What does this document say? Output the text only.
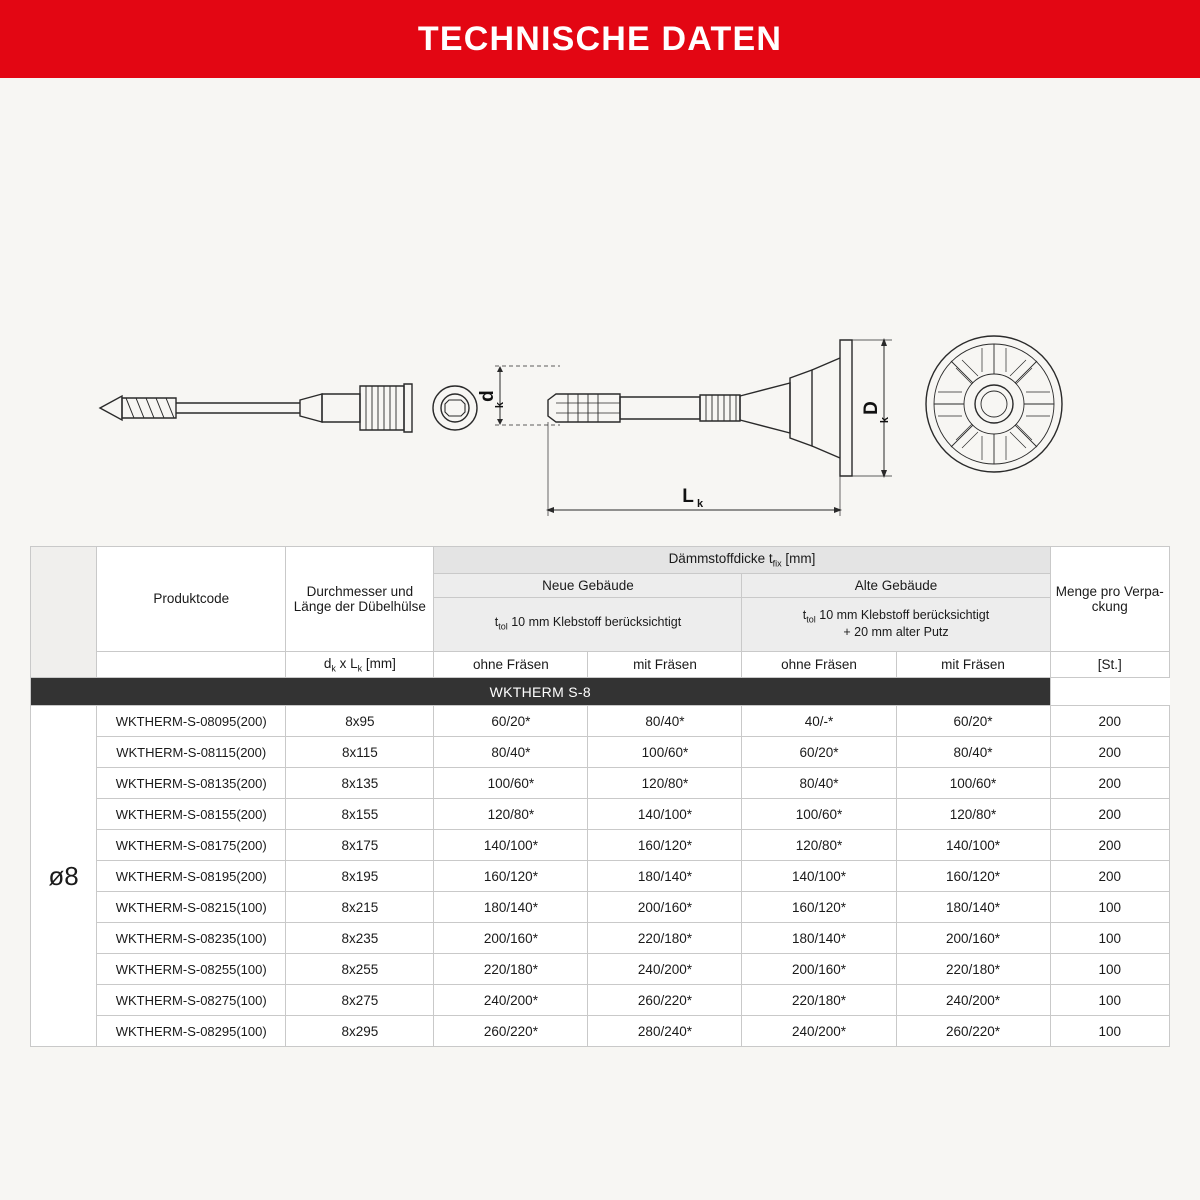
TECHNISCHE DATEN
d
k	D
k
L k
	Produktcode	Durchmesser und Länge der Dübelhülse	Dämmstoffdicke $t_{fix}$ [mm]				Menge pro Verpa-ckung
			Neue Gebäude		Alte Gebäude		
			$t_{tol}$ 10 mm Klebstoff berücksichtigt		$t_{tol}$ 10 mm Klebstoff berücksichtigt
+ 20 mm alter Putz		
		$d_k$ x $L_k$ [mm]	ohne Fräsen	mit Fräsen	ohne Fräsen	mit Fräsen	[St.]
WKTHERM S-8							
ø8	WKTHERM-S-08095(200)	8x95	60/20*	80/40*	40/-*	60/20*	200
	WKTHERM-S-08115(200)	8x115	80/40*	100/60*	60/20*	80/40*	200
	WKTHERM-S-08135(200)	8x135	100/60*	120/80*	80/40*	100/60*	200
	WKTHERM-S-08155(200)	8x155	120/80*	140/100*	100/60*	120/80*	200
	WKTHERM-S-08175(200)	8x175	140/100*	160/120*	120/80*	140/100*	200
	WKTHERM-S-08195(200)	8x195	160/120*	180/140*	140/100*	160/120*	200
	WKTHERM-S-08215(100)	8x215	180/140*	200/160*	160/120*	180/140*	100
	WKTHERM-S-08235(100)	8x235	200/160*	220/180*	180/140*	200/160*	100
	WKTHERM-S-08255(100)	8x255	220/180*	240/200*	200/160*	220/180*	100
	WKTHERM-S-08275(100)	8x275	240/200*	260/220*	220/180*	240/200*	100
	WKTHERM-S-08295(100)	8x295	260/220*	280/240*	240/200*	260/220*	100
